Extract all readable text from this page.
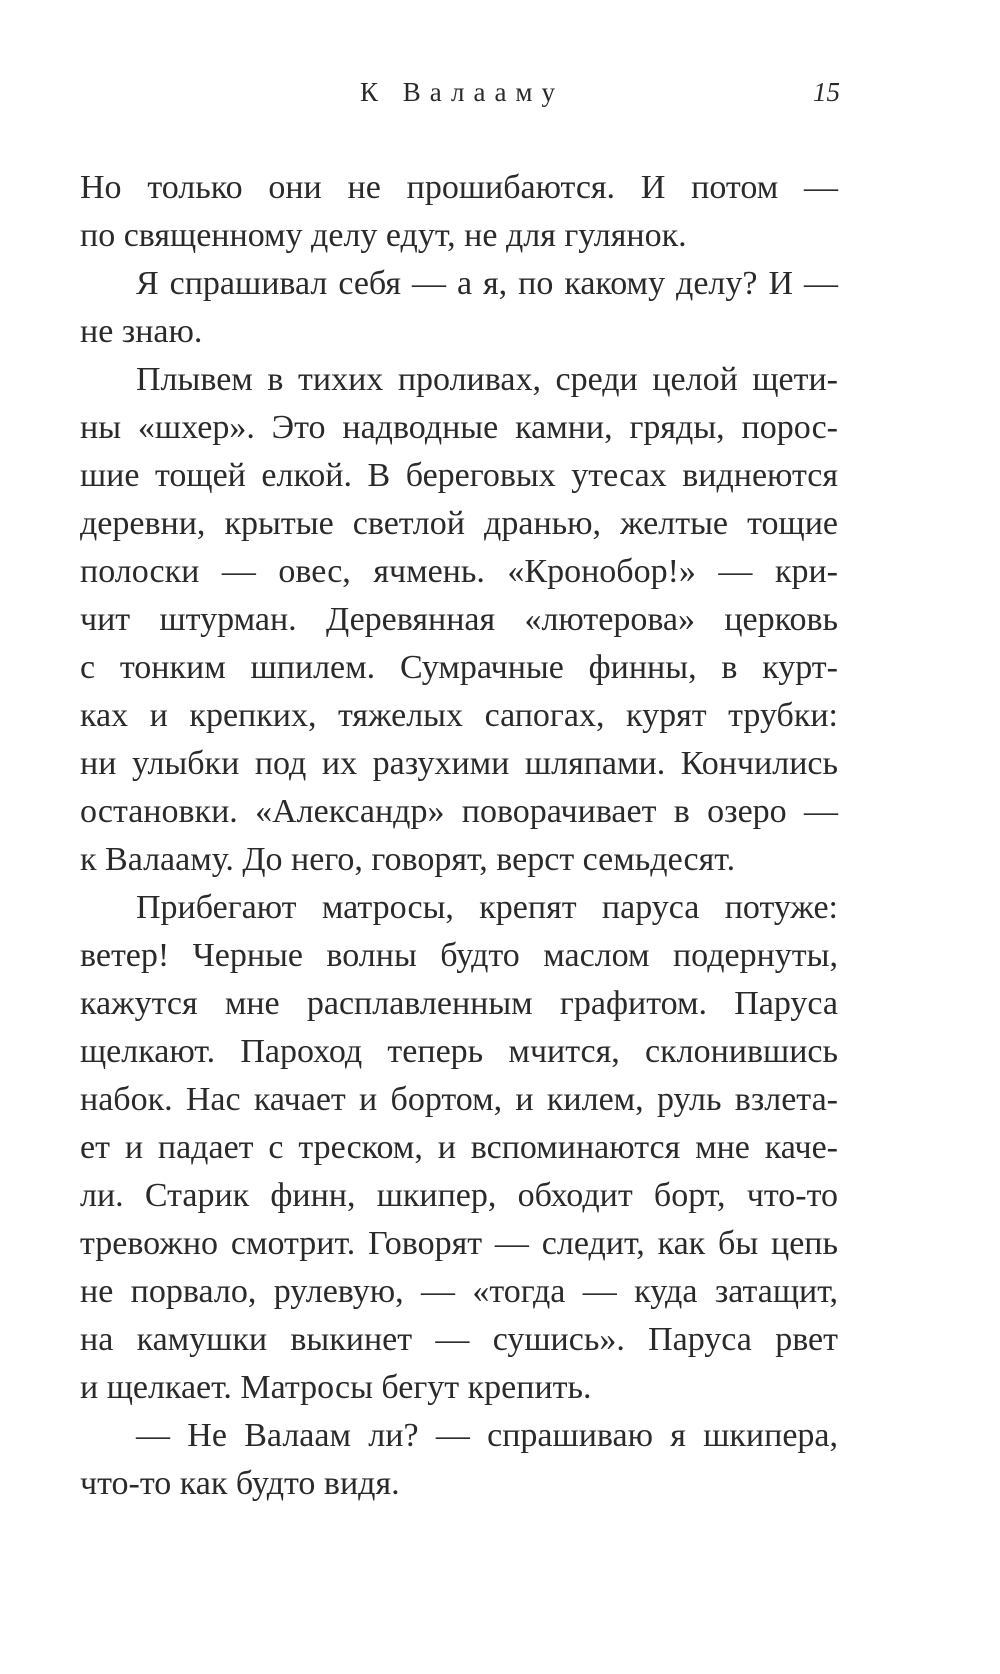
К Валааму	15
Но только они не прошибаются. И потом —
по священному делу едут, не для гулянок.
Я спрашивал себя — а я, по какому делу? И —
не знаю.
Плывем в тихих проливах, среди целой щети-
ны «шхер». Это надводные камни, гряды, порос-
шие тощей елкой. В береговых утесах виднеются
деревни, крытые светлой дранью, желтые тощие
полоски — овес, ячмень. «Кронобор!» — кри-
чит штурман. Деревянная «лютерова» церковь
с тонким шпилем. Сумрачные финны, в курт-
ках и крепких, тяжелых сапогах, курят трубки:
ни улыбки под их разухими шляпами. Кончились
остановки. «Александр» поворачивает в озеро —
к Валааму. До него, говорят, верст семьдесят.
Прибегают матросы, крепят паруса потуже:
ветер! Черные волны будто маслом подернуты,
кажутся мне расплавленным графитом. Паруса
щелкают. Пароход теперь мчится, склонившись
набок. Нас качает и бортом, и килем, руль взлета-
ет и падает с треском, и вспоминаются мне каче-
ли. Старик финн, шкипер, обходит борт, что-то
тревожно смотрит. Говорят — следит, как бы цепь
не порвало, рулевую, — «тогда — куда затащит,
на камушки выкинет — сушись». Паруса рвет
и щелкает. Матросы бегут крепить.
— Не Валаам ли? — спрашиваю я шкипера,
что-то как будто видя.
